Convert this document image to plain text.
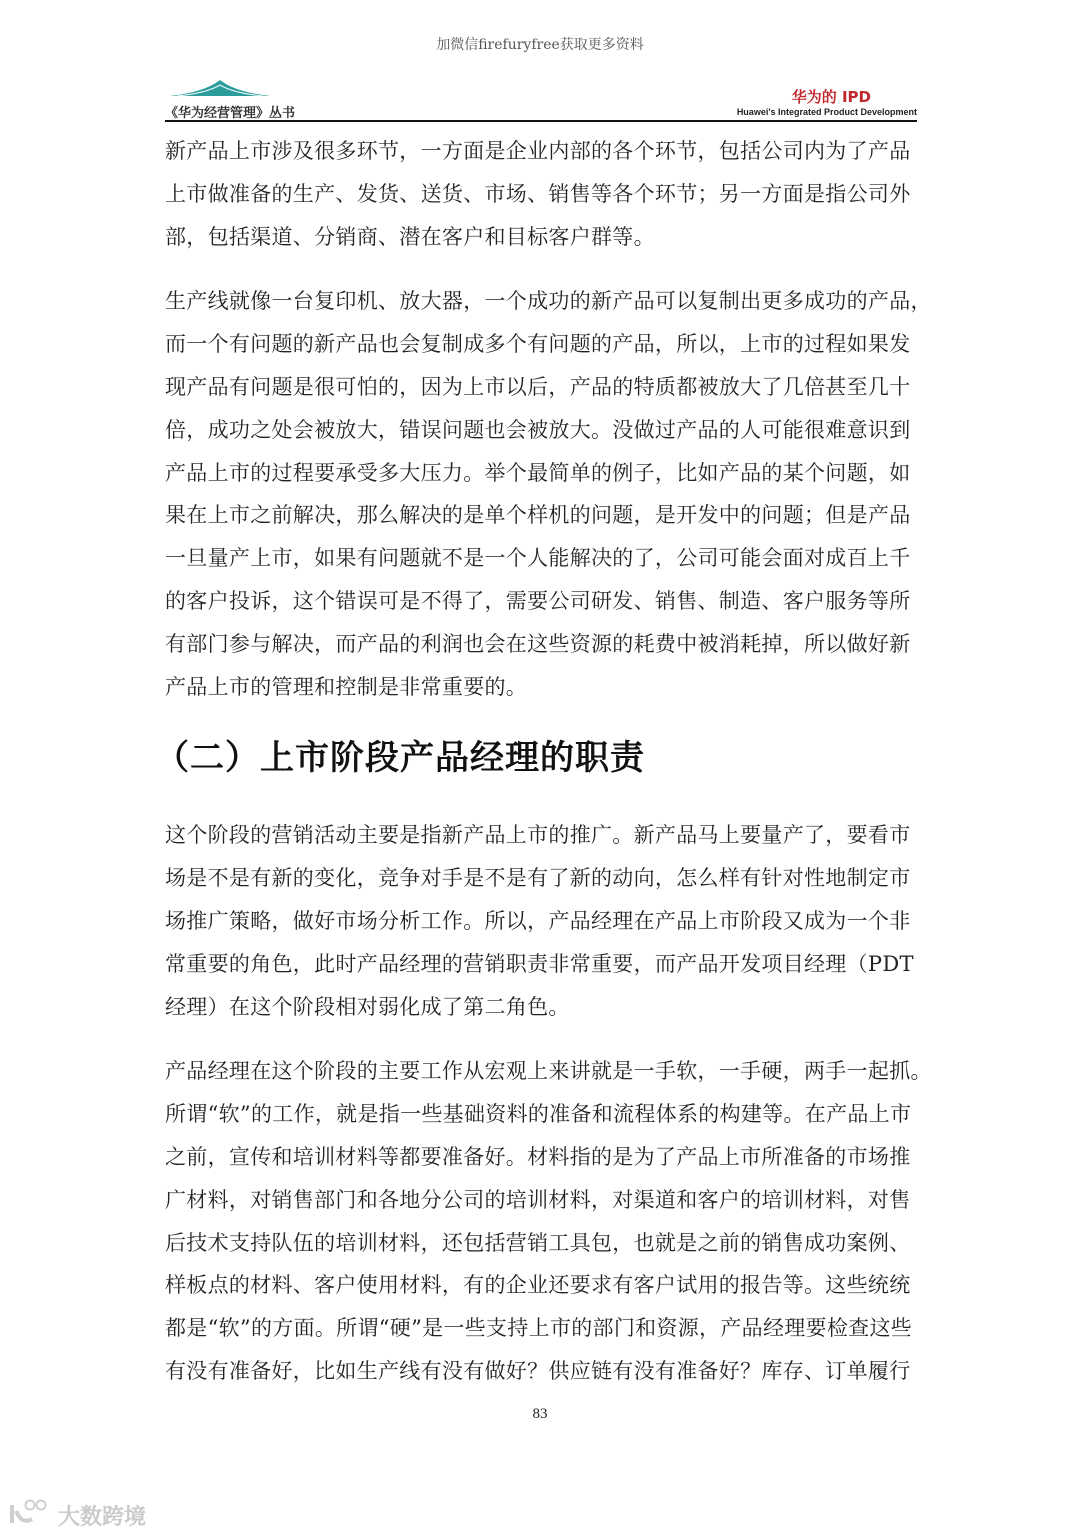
加微信firefuryfree获取更多资料
《华为经营管理》丛书
华为的 IPD
Huawei's Integrated Product Development

新产品上市涉及很多环节，一方面是企业内部的各个环节，包括公司内为了产品

上市做准备的生产、发货、送货、市场、销售等各个环节；另一方面是指公司外

部，包括渠道、分销商、潜在客户和目标客户群等。

生产线就像一台复印机、放大器，一个成功的新产品可以复制出更多成功的产品，

而一个有问题的新产品也会复制成多个有问题的产品，所以，上市的过程如果发

现产品有问题是很可怕的，因为上市以后，产品的特质都被放大了几倍甚至几十

倍，成功之处会被放大，错误问题也会被放大。没做过产品的人可能很难意识到

产品上市的过程要承受多大压力。举个最简单的例子，比如产品的某个问题，如

果在上市之前解决，那么解决的是单个样机的问题，是开发中的问题；但是产品

一旦量产上市，如果有问题就不是一个人能解决的了，公司可能会面对成百上千

的客户投诉，这个错误可是不得了，需要公司研发、销售、制造、客户服务等所

有部门参与解决，而产品的利润也会在这些资源的耗费中被消耗掉，所以做好新

产品上市的管理和控制是非常重要的。

（二）上市阶段产品经理的职责

这个阶段的营销活动主要是指新产品上市的推广。新产品马上要量产了，要看市

场是不是有新的变化，竞争对手是不是有了新的动向，怎么样有针对性地制定市

场推广策略，做好市场分析工作。所以，产品经理在产品上市阶段又成为一个非

常重要的角色，此时产品经理的营销职责非常重要，而产品开发项目经理（PDT

经理）在这个阶段相对弱化成了第二角色。

产品经理在这个阶段的主要工作从宏观上来讲就是一手软，一手硬，两手一起抓。

所谓“软”的工作，就是指一些基础资料的准备和流程体系的构建等。在产品上市

之前，宣传和培训材料等都要准备好。材料指的是为了产品上市所准备的市场推

广材料，对销售部门和各地分公司的培训材料，对渠道和客户的培训材料，对售

后技术支持队伍的培训材料，还包括营销工具包，也就是之前的销售成功案例、

样板点的材料、客户使用材料，有的企业还要求有客户试用的报告等。这些统统

都是“软”的方面。所谓“硬”是一些支持上市的部门和资源，产品经理要检查这些

有没有准备好，比如生产线有没有做好？供应链有没有准备好？库存、订单履行

83
大数跨境
